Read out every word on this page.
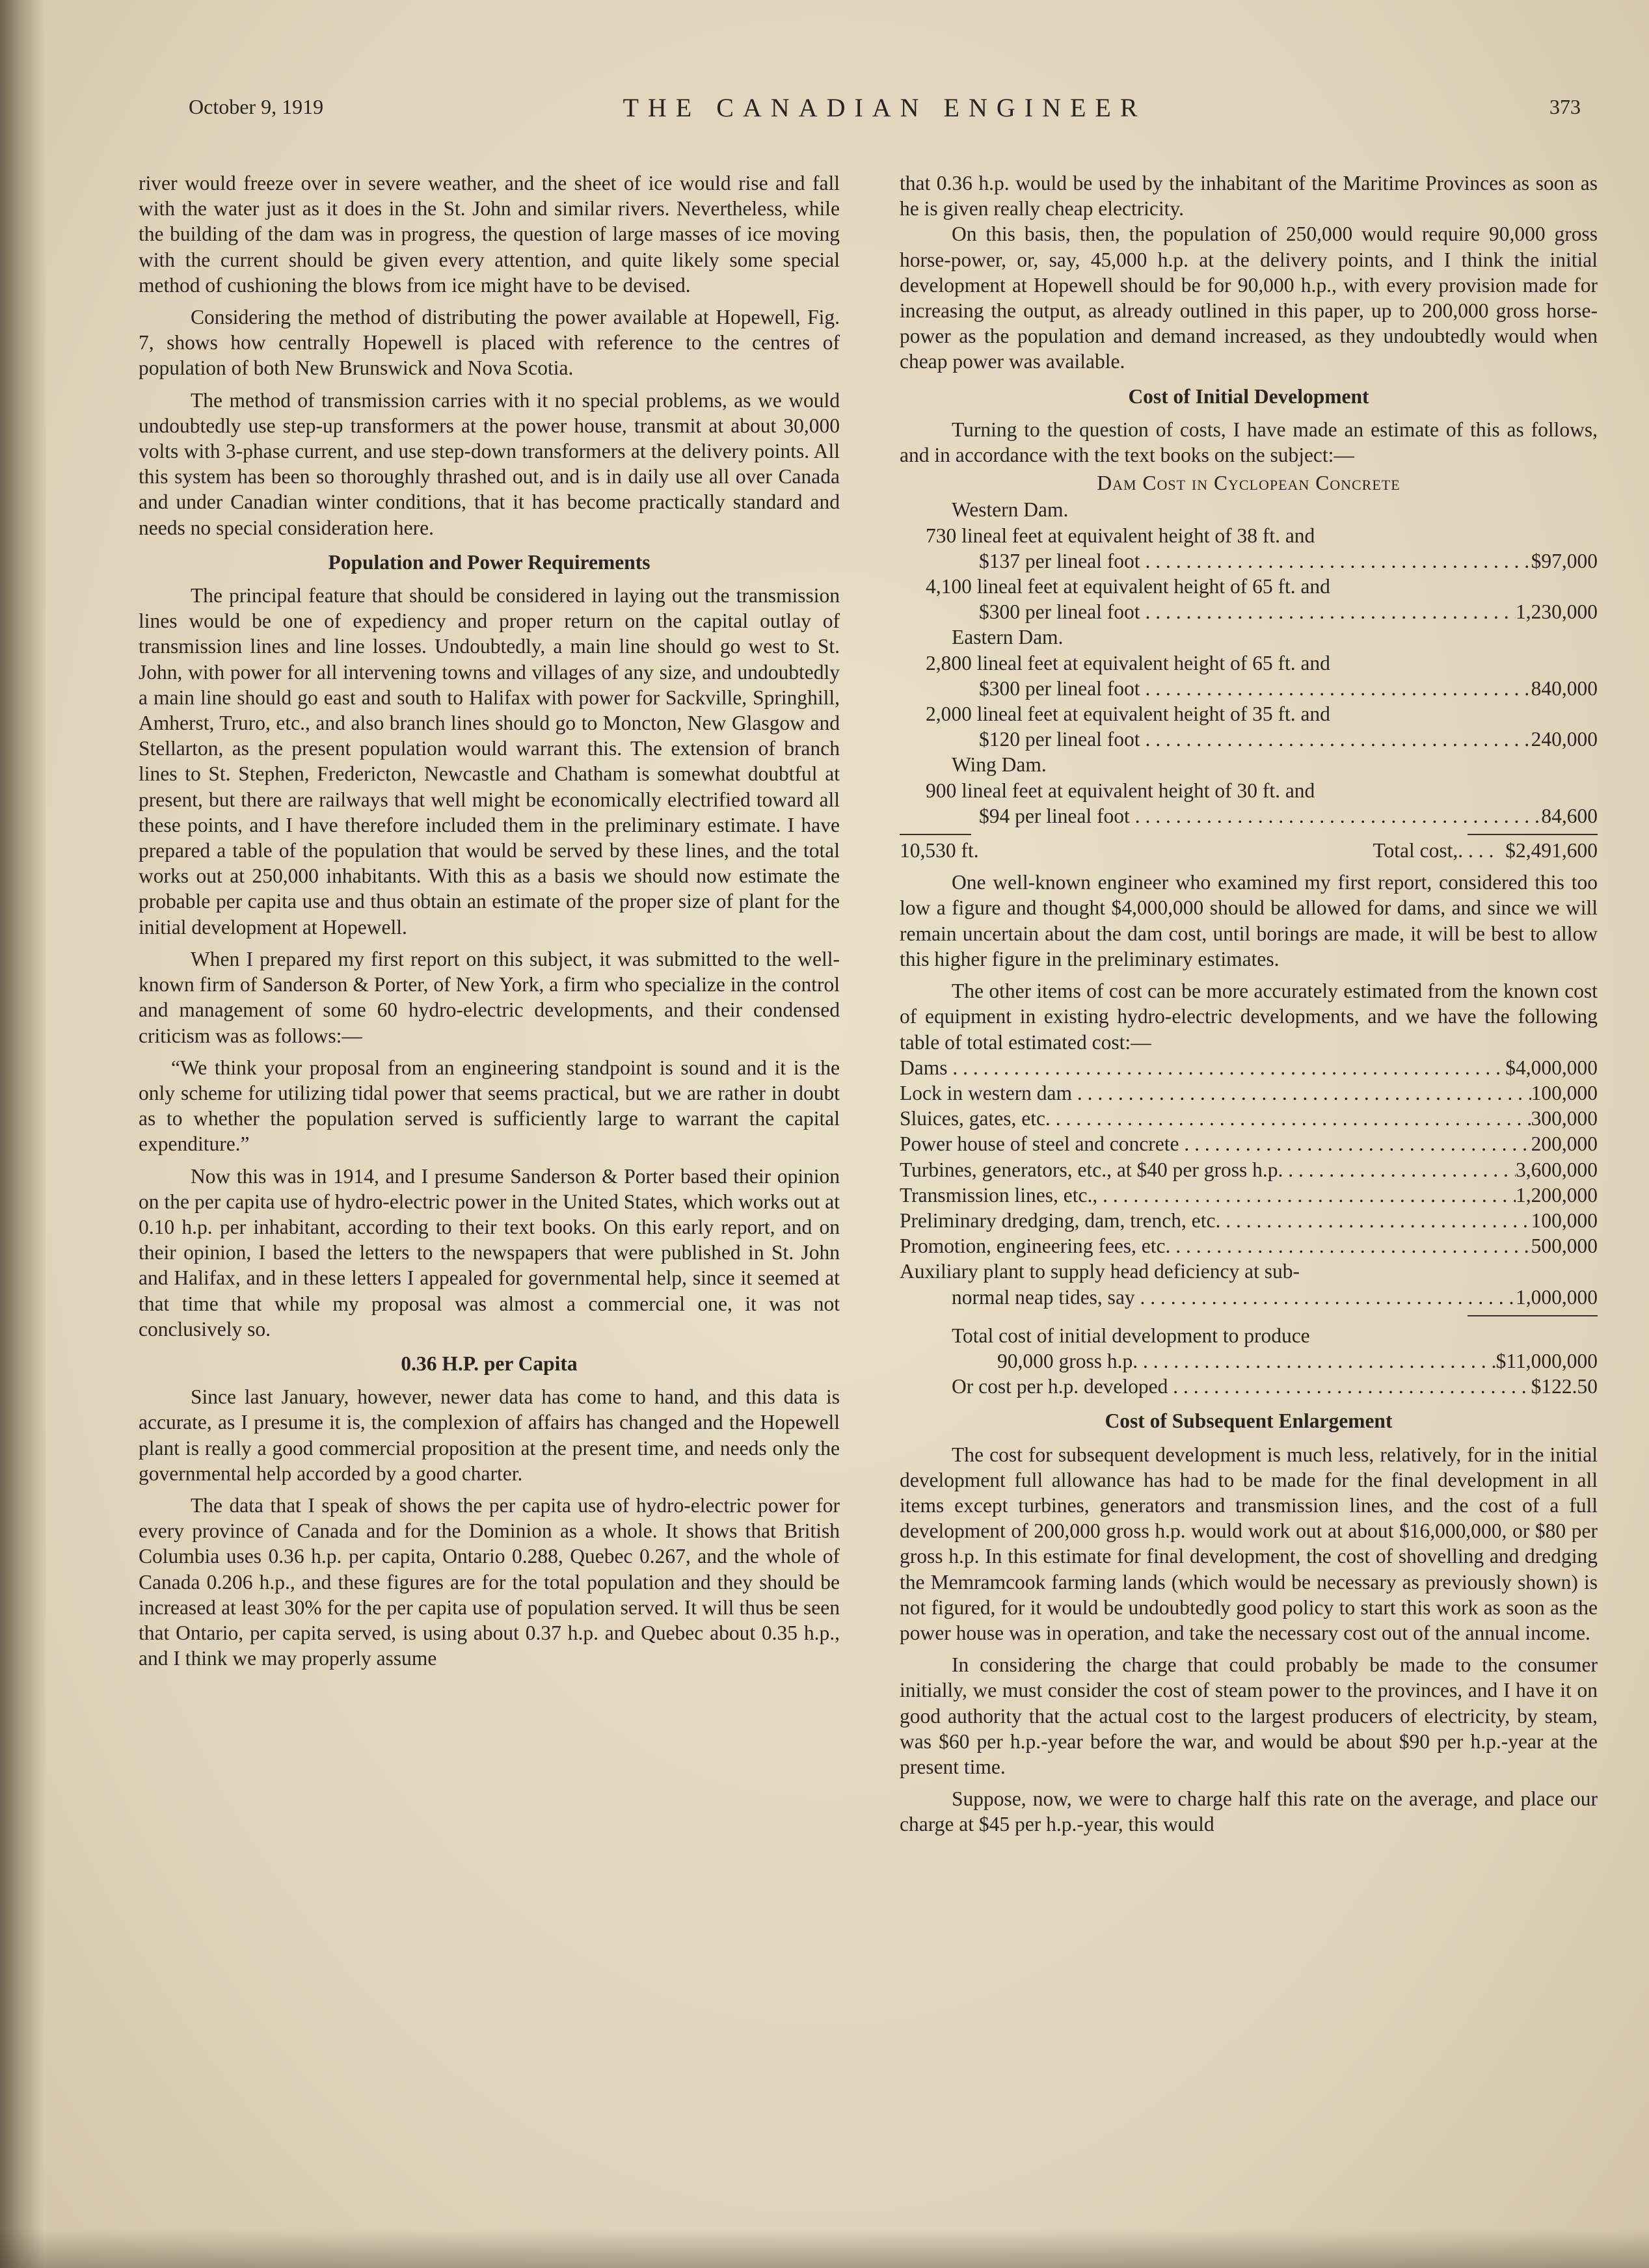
October 9, 1919	THE CANADIAN ENGINEER	373

river would freeze over in severe weather, and the sheet of ice would rise and fall with the water just as it does in the St. John and similar rivers. Nevertheless, while the building of the dam was in progress, the question of large masses of ice moving with the current should be given every attention, and quite likely some special method of cushioning the blows from ice might have to be devised.

Considering the method of distributing the power available at Hopewell, Fig. 7, shows how centrally Hopewell is placed with reference to the centres of population of both New Brunswick and Nova Scotia.

The method of transmission carries with it no special problems, as we would undoubtedly use step-up transformers at the power house, transmit at about 30,000 volts with 3-phase current, and use step-down transformers at the delivery points. All this system has been so thoroughly thrashed out, and is in daily use all over Canada and under Canadian winter conditions, that it has become practically standard and needs no special consideration here.

Population and Power Requirements

The principal feature that should be considered in laying out the transmission lines would be one of expediency and proper return on the capital outlay of transmission lines and line losses. Undoubtedly, a main line should go west to St. John, with power for all intervening towns and villages of any size, and undoubtedly a main line should go east and south to Halifax with power for Sackville, Springhill, Amherst, Truro, etc., and also branch lines should go to Moncton, New Glasgow and Stellarton, as the present population would warrant this. The extension of branch lines to St. Stephen, Fredericton, Newcastle and Chatham is somewhat doubtful at present, but there are railways that well might be economically electrified toward all these points, and I have therefore included them in the preliminary estimate. I have prepared a table of the population that would be served by these lines, and the total works out at 250,000 inhabitants. With this as a basis we should now estimate the probable per capita use and thus obtain an estimate of the proper size of plant for the initial development at Hopewell.

When I prepared my first report on this subject, it was submitted to the well-known firm of Sanderson & Porter, of New York, a firm who specialize in the control and management of some 60 hydro-electric developments, and their condensed criticism was as follows:—

“We think your proposal from an engineering standpoint is sound and it is the only scheme for utilizing tidal power that seems practical, but we are rather in doubt as to whether the population served is sufficiently large to warrant the capital expenditure.”

Now this was in 1914, and I presume Sanderson & Porter based their opinion on the per capita use of hydro-electric power in the United States, which works out at 0.10 h.p. per inhabitant, according to their text books. On this early report, and on their opinion, I based the letters to the newspapers that were published in St. John and Halifax, and in these letters I appealed for governmental help, since it seemed at that time that while my proposal was almost a commercial one, it was not conclusively so.

0.36 H.P. per Capita

Since last January, however, newer data has come to hand, and this data is accurate, as I presume it is, the complexion of affairs has changed and the Hopewell plant is really a good commercial proposition at the present time, and needs only the governmental help accorded by a good charter.

The data that I speak of shows the per capita use of hydro-electric power for every province of Canada and for the Dominion as a whole. It shows that British Columbia uses 0.36 h.p. per capita, Ontario 0.288, Quebec 0.267, and the whole of Canada 0.206 h.p., and these figures are for the total population and they should be increased at least 30% for the per capita use of population served. It will thus be seen that Ontario, per capita served, is using about 0.37 h.p. and Quebec about 0.35 h.p., and I think we may properly assume

that 0.36 h.p. would be used by the inhabitant of the Maritime Provinces as soon as he is given really cheap electricity.

On this basis, then, the population of 250,000 would require 90,000 gross horse-power, or, say, 45,000 h.p. at the delivery points, and I think the initial development at Hopewell should be for 90,000 h.p., with every provision made for increasing the output, as already outlined in this paper, up to 200,000 gross horse-power as the population and demand increased, as they undoubtedly would when cheap power was available.

Cost of Initial Development

Turning to the question of costs, I have made an estimate of this as follows, and in accordance with the text books on the subject:—

Dam Cost in Cyclopean Concrete
Western Dam.
730 lineal feet at equivalent height of 38 ft. and
$137 per lineal foot . . .	$97,000
4,100 lineal feet at equivalent height of 65 ft. and
$300 per lineal foot . . .	1,230,000
Eastern Dam.
2,800 lineal feet at equivalent height of 65 ft. and
$300 per lineal foot . . .	840,000
2,000 lineal feet at equivalent height of 35 ft. and
$120 per lineal foot . . .	240,000
Wing Dam.
900 lineal feet at equivalent height of 30 ft. and
$94 per lineal foot . . .	84,600
10,530 ft.	Total cost,. . . . $2,491,600

One well-known engineer who examined my first report, considered this too low a figure and thought $4,000,000 should be allowed for dams, and since we will remain uncertain about the dam cost, until borings are made, it will be best to allow this higher figure in the preliminary estimates.

The other items of cost can be more accurately estimated from the known cost of equipment in existing hydro-electric developments, and we have the following table of total estimated cost:—

Dams . . .	$4,000,000
Lock in western dam . . .	100,000
Sluices, gates, etc. . . .	300,000
Power house of steel and concrete . . .	200,000
Turbines, generators, etc., at $40 per gross h.p. . . .	3,600,000
Transmission lines, etc., . . .	1,200,000
Preliminary dredging, dam, trench, etc. . . .	100,000
Promotion, engineering fees, etc. . . .	500,000
Auxiliary plant to supply head deficiency at sub-
normal neap tides, say . . .	1,000,000
Total cost of initial development to produce
90,000 gross h.p. . . .	$11,000,000
Or cost per h.p. developed . . .	$122.50
Cost of Subsequent Enlargement

The cost for subsequent development is much less, relatively, for in the initial development full allowance has had to be made for the final development in all items except turbines, generators and transmission lines, and the cost of a full development of 200,000 gross h.p. would work out at about $16,000,000, or $80 per gross h.p. In this estimate for final development, the cost of shovelling and dredging the Memramcook farming lands (which would be necessary as previously shown) is not figured, for it would be undoubtedly good policy to start this work as soon as the power house was in operation, and take the necessary cost out of the annual income.

In considering the charge that could probably be made to the consumer initially, we must consider the cost of steam power to the provinces, and I have it on good authority that the actual cost to the largest producers of electricity, by steam, was $60 per h.p.-year before the war, and would be about $90 per h.p.-year at the present time.

Suppose, now, we were to charge half this rate on the average, and place our charge at $45 per h.p.-year, this would
